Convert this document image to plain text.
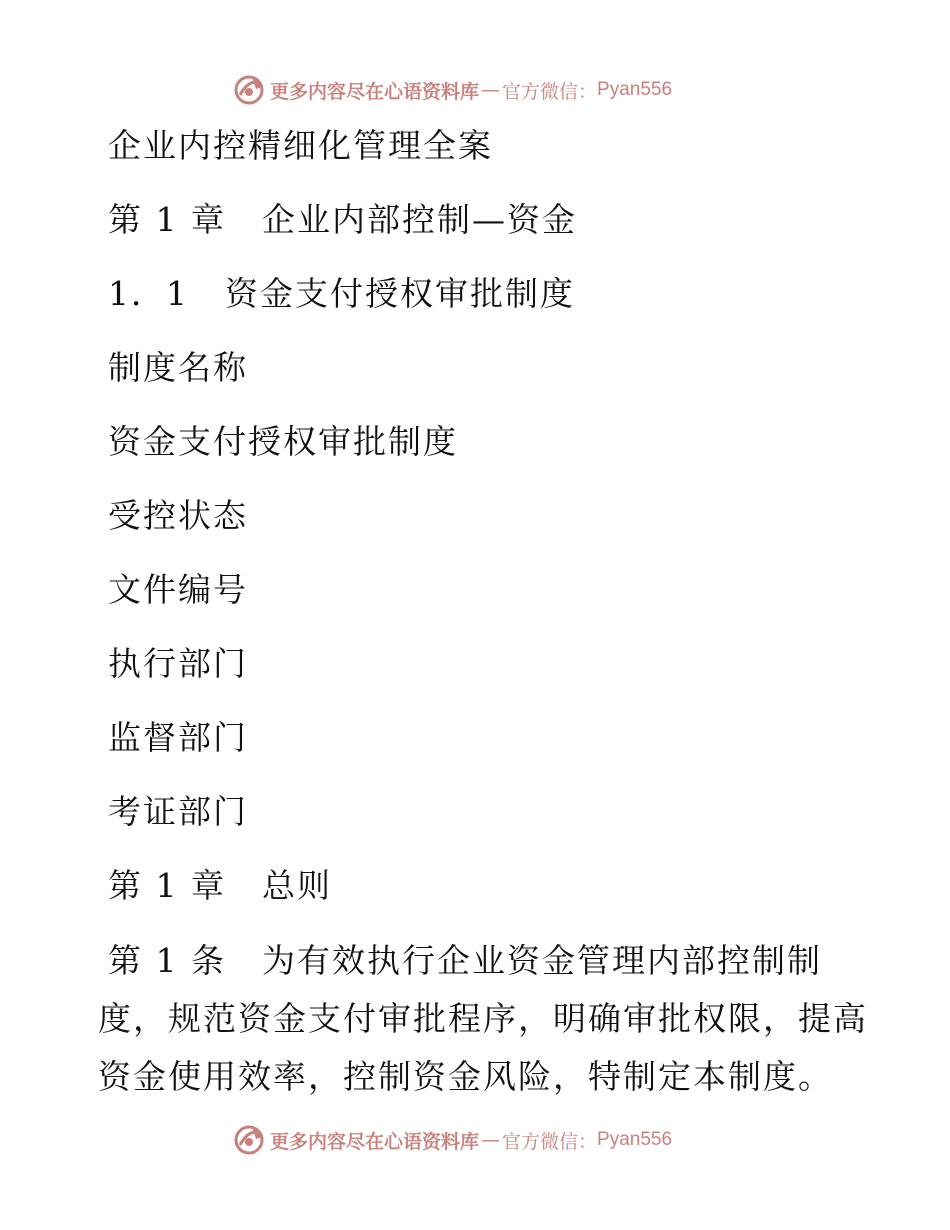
更多内容尽在心语资料库 — 官方微信： Pyan556
企业内控精细化管理全案
第 1 章 企业内部控制—资金
1．1 资金支付授权审批制度
制度名称
资金支付授权审批制度
受控状态
文件编号
执行部门
监督部门
考证部门
第 1 章 总则
第 1 条 为有效执行企业资金管理内部控制制度，规范资金支付审批程序，明确审批权限，提高资金使用效率，控制资金风险，特制定本制度。
更多内容尽在心语资料库 — 官方微信： Pyan556
